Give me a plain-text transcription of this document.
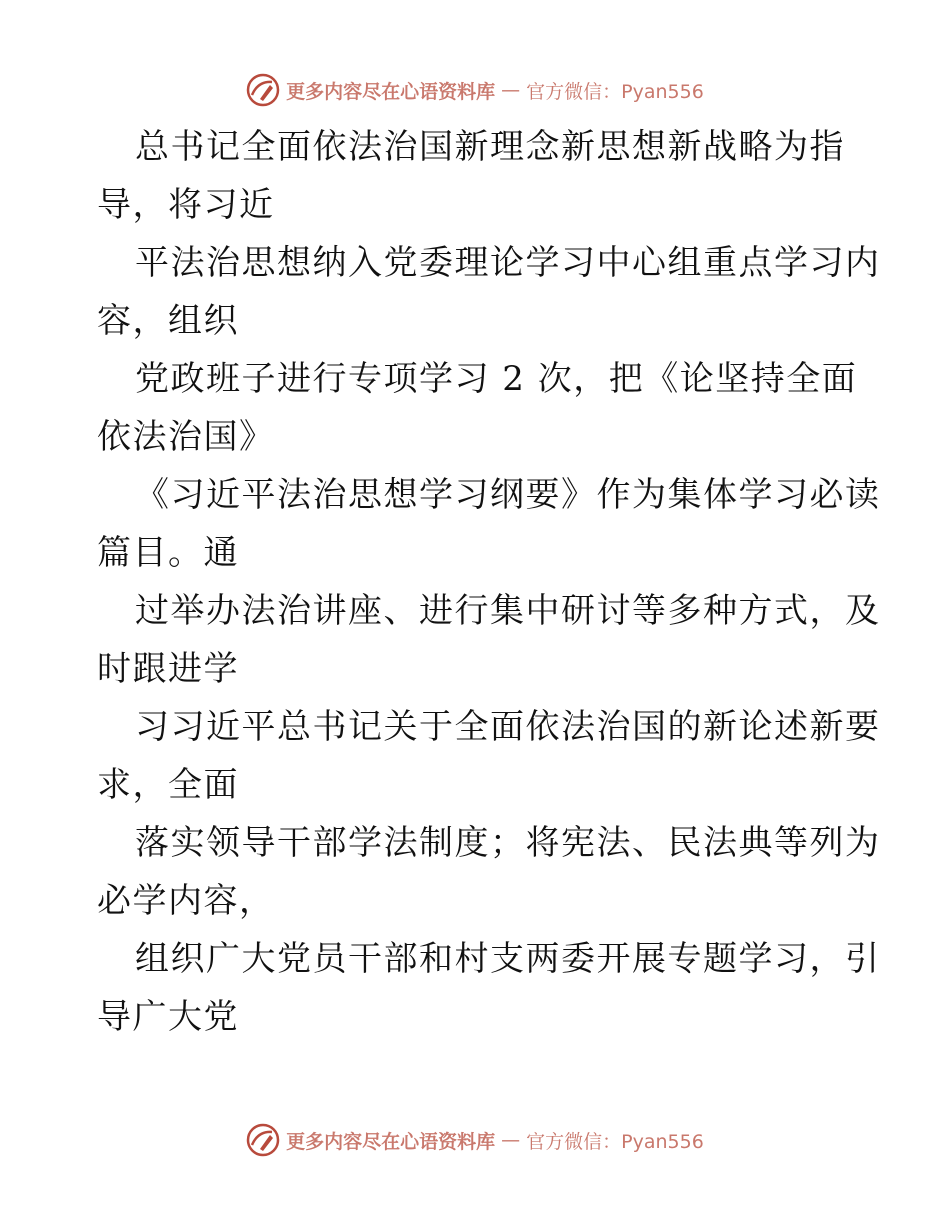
更多内容尽在心语资料库 — 官方微信：Pyan556

总书记全面依法治国新理念新思想新战略为指
导，将习近

平法治思想纳入党委理论学习中心组重点学习内
容，组织

党政班子进行专项学习 2 次，把《论坚持全面
依法治国》

《习近平法治思想学习纲要》作为集体学习必读
篇目。通

过举办法治讲座、进行集中研讨等多种方式，及
时跟进学

习习近平总书记关于全面依法治国的新论述新要
求，全面

落实领导干部学法制度；将宪法、民法典等列为
必学内容，

组织广大党员干部和村支两委开展专题学习，引
导广大党

更多内容尽在心语资料库 — 官方微信：Pyan556
